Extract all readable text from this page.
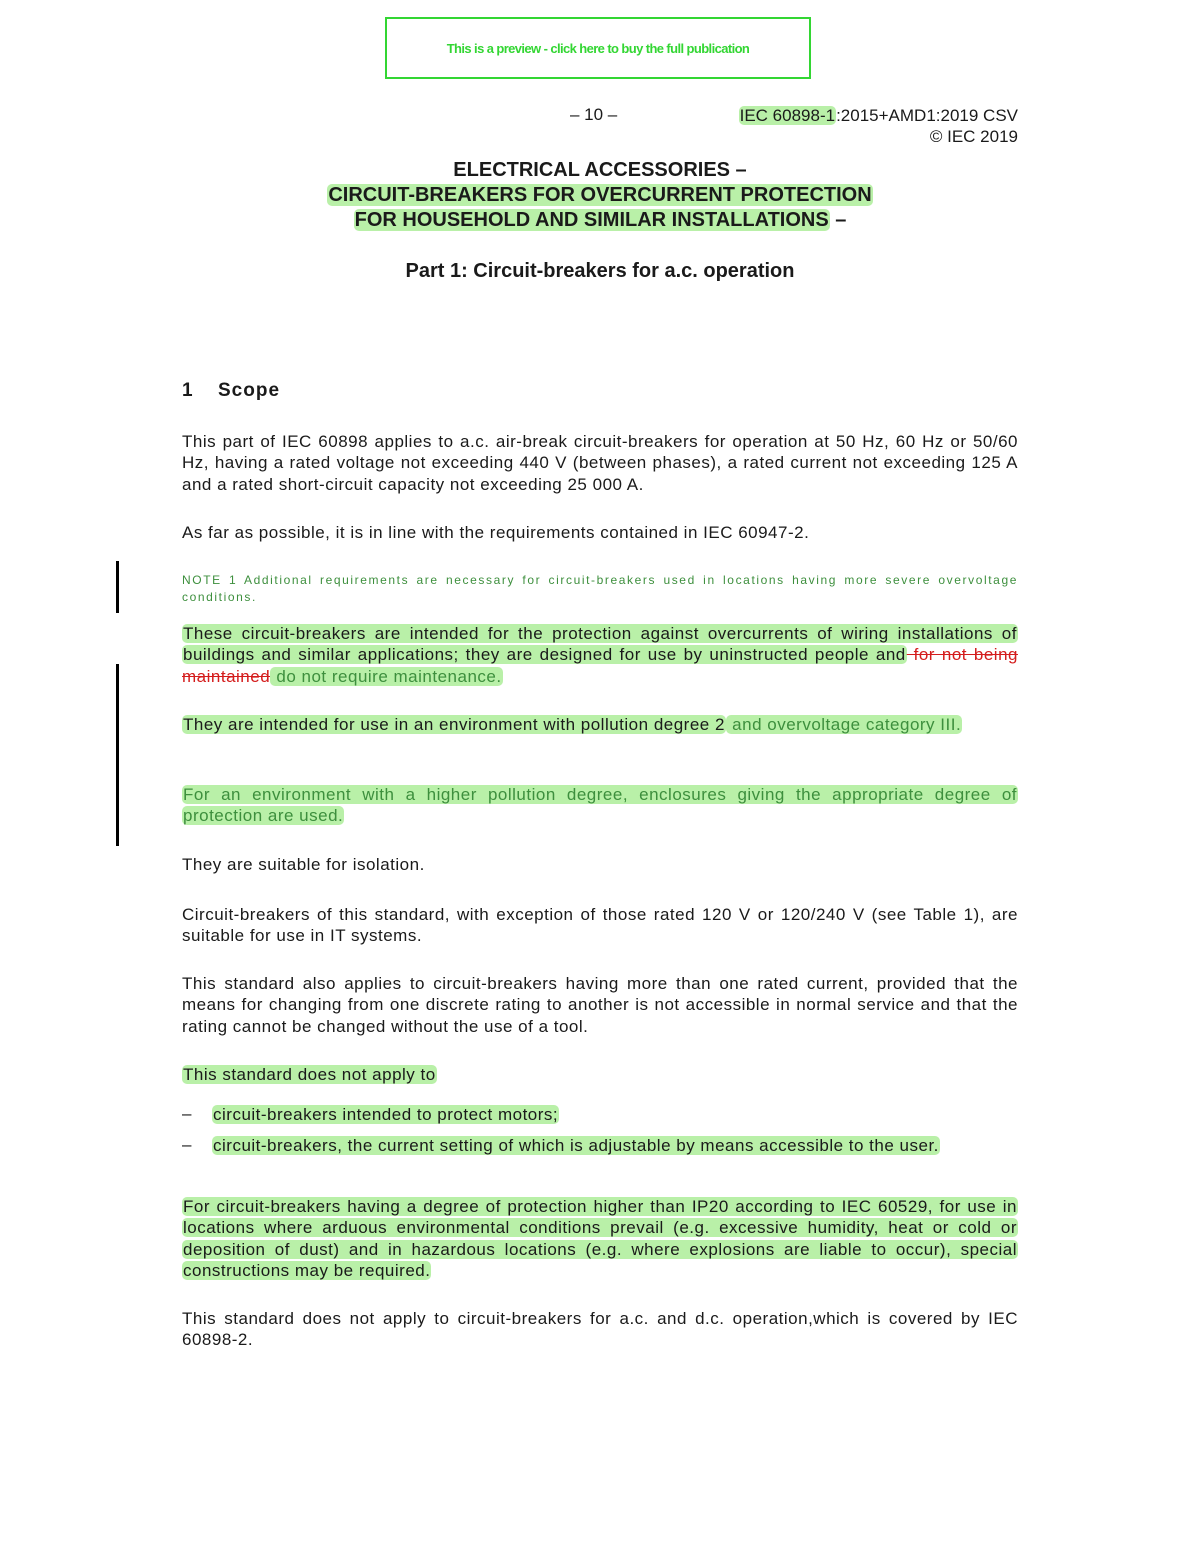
This is a preview - click here to buy the full publication
– 10 –	IEC 60898-1:2015+AMD1:2019 CSV
© IEC 2019
ELECTRICAL ACCESSORIES –
CIRCUIT-BREAKERS FOR OVERCURRENT PROTECTION
FOR HOUSEHOLD AND SIMILAR INSTALLATIONS –
Part 1: Circuit-breakers for a.c. operation
1 Scope
This part of IEC 60898 applies to a.c. air-break circuit-breakers for operation at 50 Hz, 60 Hz or 50/60 Hz, having a rated voltage not exceeding 440 V (between phases), a rated current not exceeding 125 A and a rated short-circuit capacity not exceeding 25 000 A.
As far as possible, it is in line with the requirements contained in IEC 60947-2.
NOTE 1 Additional requirements are necessary for circuit-breakers used in locations having more severe overvoltage conditions.
These circuit-breakers are intended for the protection against overcurrents of wiring installations of buildings and similar applications; they are designed for use by uninstructed people and for not being maintained do not require maintenance.
They are intended for use in an environment with pollution degree 2 and overvoltage category III.
For an environment with a higher pollution degree, enclosures giving the appropriate degree of protection are used.
They are suitable for isolation.
Circuit-breakers of this standard, with exception of those rated 120 V or 120/240 V (see Table 1), are suitable for use in IT systems.
This standard also applies to circuit-breakers having more than one rated current, provided that the means for changing from one discrete rating to another is not accessible in normal service and that the rating cannot be changed without the use of a tool.
This standard does not apply to
– circuit-breakers intended to protect motors;
– circuit-breakers, the current setting of which is adjustable by means accessible to the user.
For circuit-breakers having a degree of protection higher than IP20 according to IEC 60529, for use in locations where arduous environmental conditions prevail (e.g. excessive humidity, heat or cold or deposition of dust) and in hazardous locations (e.g. where explosions are liable to occur), special constructions may be required.
This standard does not apply to circuit-breakers for a.c. and d.c. operation,which is covered by IEC 60898-2.
